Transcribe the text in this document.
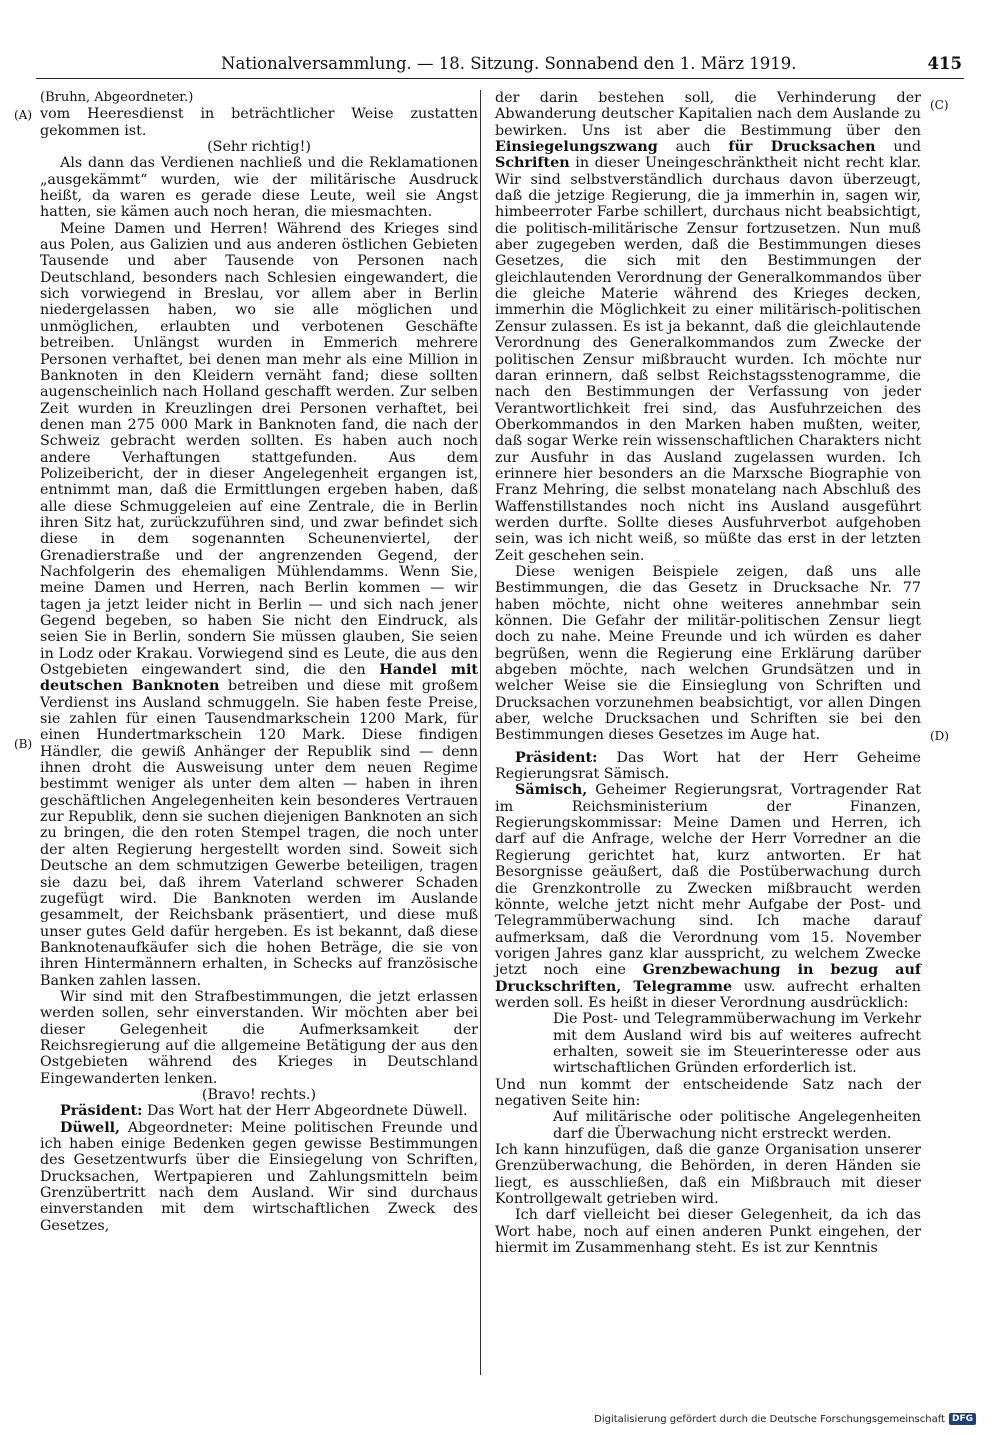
Nationalversammlung. — 18. Sitzung. Sonnabend den 1. März 1919.	415
(A)
(B)
(C)
(D)

(Bruhn, Abgeordneter.)

vom Heeresdienst in beträchtlicher Weise zustatten gekommen ist.

(Sehr richtig!)

Als dann das Verdienen nachließ und die Reklamationen „ausgekämmt“ wurden, wie der militärische Ausdruck heißt, da waren es gerade diese Leute, weil sie Angst hatten, sie kämen auch noch heran, die miesmachten.

Meine Damen und Herren! Während des Krieges sind aus Polen, aus Galizien und aus anderen östlichen Gebieten Tausende und aber Tausende von Personen nach Deutschland, besonders nach Schlesien eingewandert, die sich vorwiegend in Breslau, vor allem aber in Berlin niedergelassen haben, wo sie alle möglichen und unmöglichen, erlaubten und verbotenen Geschäfte betreiben. Unlängst wurden in Emmerich mehrere Personen verhaftet, bei denen man mehr als eine Million in Banknoten in den Kleidern vernäht fand; diese sollten augenscheinlich nach Holland geschafft werden. Zur selben Zeit wurden in Kreuzlingen drei Personen verhaftet, bei denen man 275 000 Mark in Banknoten fand, die nach der Schweiz gebracht werden sollten. Es haben auch noch andere Verhaftungen stattgefunden. Aus dem Polizeibericht, der in dieser Angelegenheit ergangen ist, entnimmt man, daß die Ermittlungen ergeben haben, daß alle diese Schmuggeleien auf eine Zentrale, die in Berlin ihren Sitz hat, zurückzuführen sind, und zwar befindet sich diese in dem sogenannten Scheunenviertel, der Grenadierstraße und der angrenzenden Gegend, der Nachfolgerin des ehemaligen Mühlendamms. Wenn Sie, meine Damen und Herren, nach Berlin kommen — wir tagen ja jetzt leider nicht in Berlin — und sich nach jener Gegend begeben, so haben Sie nicht den Eindruck, als seien Sie in Berlin, sondern Sie müssen glauben, Sie seien in Lodz oder Krakau. Vorwiegend sind es Leute, die aus den Ostgebieten eingewandert sind, die den Handel mit deutschen Banknoten betreiben und diese mit großem Verdienst ins Ausland schmuggeln. Sie haben feste Preise, sie zahlen für einen Tausendmarkschein 1200 Mark, für einen Hundertmarkschein 120 Mark. Diese findigen Händler, die gewiß Anhänger der Republik sind — denn ihnen droht die Ausweisung unter dem neuen Regime bestimmt weniger als unter dem alten — haben in ihren geschäftlichen Angelegenheiten kein besonderes Vertrauen zur Republik, denn sie suchen diejenigen Banknoten an sich zu bringen, die den roten Stempel tragen, die noch unter der alten Regierung hergestellt worden sind. Soweit sich Deutsche an dem schmutzigen Gewerbe beteiligen, tragen sie dazu bei, daß ihrem Vaterland schwerer Schaden zugefügt wird. Die Banknoten werden im Auslande gesammelt, der Reichsbank präsentiert, und diese muß unser gutes Geld dafür hergeben. Es ist bekannt, daß diese Banknotenaufkäufer sich die hohen Beträge, die sie von ihren Hintermännern erhalten, in Schecks auf französische Banken zahlen lassen.

Wir sind mit den Strafbestimmungen, die jetzt erlassen werden sollen, sehr einverstanden. Wir möchten aber bei dieser Gelegenheit die Aufmerksamkeit der Reichsregierung auf die allgemeine Betätigung der aus den Ostgebieten während des Krieges in Deutschland Eingewanderten lenken.

(Bravo! rechts.)

Präsident: Das Wort hat der Herr Abgeordnete Düwell.

Düwell, Abgeordneter: Meine politischen Freunde und ich haben einige Bedenken gegen gewisse Bestimmungen des Gesetzentwurfs über die Einsiegelung von Schriften, Drucksachen, Wertpapieren und Zahlungsmitteln beim Grenzübertritt nach dem Ausland. Wir sind durchaus einverstanden mit dem wirtschaftlichen Zweck des Gesetzes,

der darin bestehen soll, die Verhinderung der Abwanderung deutscher Kapitalien nach dem Auslande zu bewirken. Uns ist aber die Bestimmung über den Einsiegelungszwang auch für Drucksachen und Schriften in dieser Uneingeschränktheit nicht recht klar. Wir sind selbstverständlich durchaus davon überzeugt, daß die jetzige Regierung, die ja immerhin in, sagen wir, himbeerroter Farbe schillert, durchaus nicht beabsichtigt, die politisch-militärische Zensur fortzusetzen. Nun muß aber zugegeben werden, daß die Bestimmungen dieses Gesetzes, die sich mit den Bestimmungen der gleichlautenden Verordnung der Generalkommandos über die gleiche Materie während des Krieges decken, immerhin die Möglichkeit zu einer militärisch-politischen Zensur zulassen. Es ist ja bekannt, daß die gleichlautende Verordnung des Generalkommandos zum Zwecke der politischen Zensur mißbraucht wurden. Ich möchte nur daran erinnern, daß selbst Reichstagsstenogramme, die nach den Bestimmungen der Verfassung von jeder Verantwortlichkeit frei sind, das Ausfuhrzeichen des Oberkommandos in den Marken haben mußten, weiter, daß sogar Werke rein wissenschaftlichen Charakters nicht zur Ausfuhr in das Ausland zugelassen wurden. Ich erinnere hier besonders an die Marxsche Biographie von Franz Mehring, die selbst monatelang nach Abschluß des Waffenstillstandes noch nicht ins Ausland ausgeführt werden durfte. Sollte dieses Ausfuhrverbot aufgehoben sein, was ich nicht weiß, so müßte das erst in der letzten Zeit geschehen sein.

Diese wenigen Beispiele zeigen, daß uns alle Bestimmungen, die das Gesetz in Drucksache Nr. 77 haben möchte, nicht ohne weiteres annehmbar sein können. Die Gefahr der militär-politischen Zensur liegt doch zu nahe. Meine Freunde und ich würden es daher begrüßen, wenn die Regierung eine Erklärung darüber abgeben möchte, nach welchen Grundsätzen und in welcher Weise sie die Einsieglung von Schriften und Drucksachen vorzunehmen beabsichtigt, vor allen Dingen aber, welche Drucksachen und Schriften sie bei den Bestimmungen dieses Gesetzes im Auge hat.

Präsident: Das Wort hat der Herr Geheime Regierungsrat Sämisch.

Sämisch, Geheimer Regierungsrat, Vortragender Rat im Reichsministerium der Finanzen, Regierungskommissar: Meine Damen und Herren, ich darf auf die Anfrage, welche der Herr Vorredner an die Regierung gerichtet hat, kurz antworten. Er hat Besorgnisse geäußert, daß die Postüberwachung durch die Grenzkontrolle zu Zwecken mißbraucht werden könnte, welche jetzt nicht mehr Aufgabe der Post- und Telegrammüberwachung sind. Ich mache darauf aufmerksam, daß die Verordnung vom 15. November vorigen Jahres ganz klar ausspricht, zu welchem Zwecke jetzt noch eine Grenzbewachung in bezug auf Druckschriften, Telegramme usw. aufrecht erhalten werden soll. Es heißt in dieser Verordnung ausdrücklich:

Die Post- und Telegrammüberwachung im Verkehr mit dem Ausland wird bis auf weiteres aufrecht erhalten, soweit sie im Steuerinteresse oder aus wirtschaftlichen Gründen erforderlich ist.

Und nun kommt der entscheidende Satz nach der negativen Seite hin:

Auf militärische oder politische Angelegenheiten darf die Überwachung nicht erstreckt werden.

Ich kann hinzufügen, daß die ganze Organisation unserer Grenzüberwachung, die Behörden, in deren Händen sie liegt, es ausschließen, daß ein Mißbrauch mit dieser Kontrollgewalt getrieben wird.

Ich darf vielleicht bei dieser Gelegenheit, da ich das Wort habe, noch auf einen anderen Punkt eingehen, der hiermit im Zusammenhang steht. Es ist zur Kenntnis

Digitalisierung gefördert durch die Deutsche Forschungsgemeinschaft DFG
